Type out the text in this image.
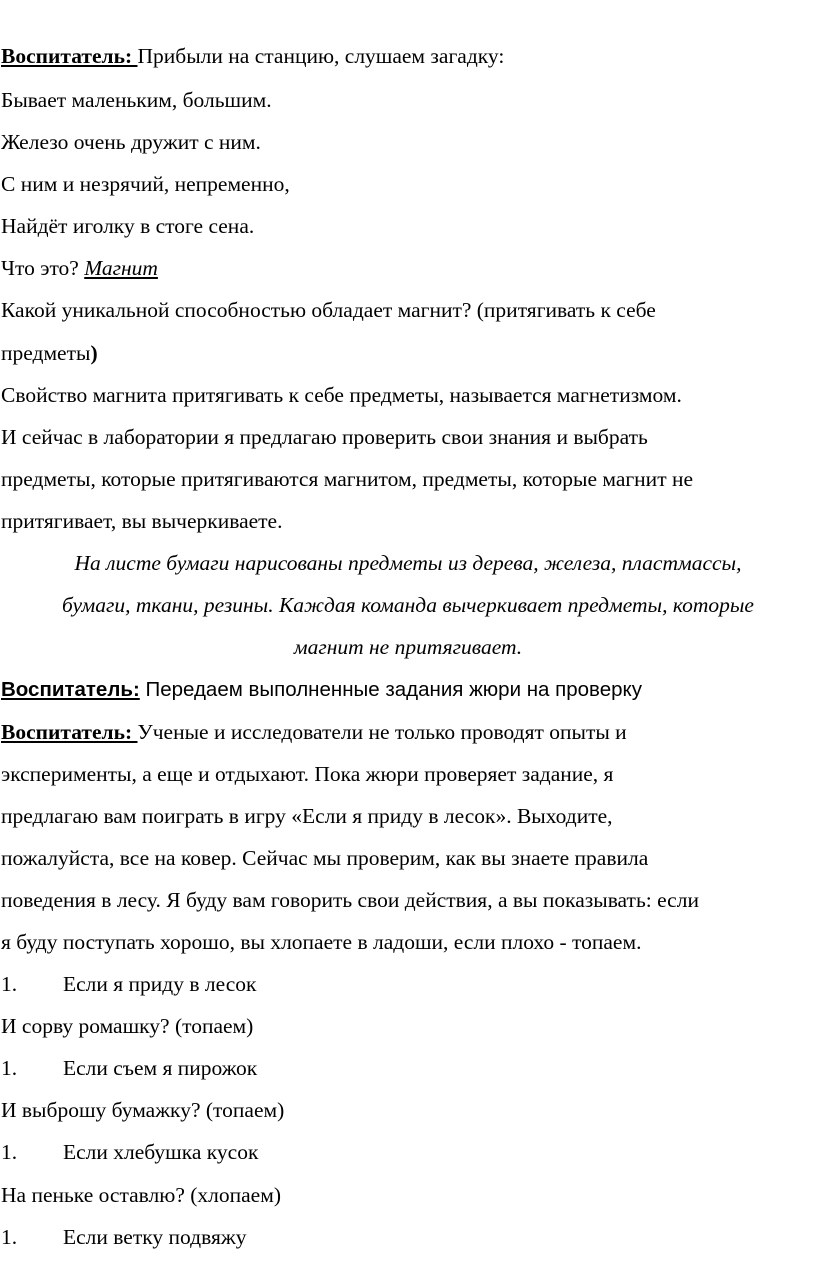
Воспитатель: Прибыли на станцию, слушаем загадку:
Бывает маленьким, большим.
Железо очень дружит с ним.
С ним и незрячий, непременно,
Найдёт иголку в стоге сена.
Что это? Магнит
Какой уникальной способностью обладает магнит? (притягивать к себе
предметы)
Свойство магнита притягивать к себе предметы, называется магнетизмом.
И сейчас в лаборатории я предлагаю проверить свои знания и выбрать
предметы, которые притягиваются магнитом, предметы, которые магнит не
притягивает, вы вычеркиваете.
На листе бумаги нарисованы предметы из дерева, железа, пластмассы,
бумаги, ткани, резины. Каждая команда вычеркивает предметы, которые
магнит не притягивает.
Воспитатель: Передаем выполненные задания жюри на проверку
Воспитатель: Ученые и исследователи не только проводят опыты и
эксперименты, а еще и отдыхают. Пока жюри проверяет задание, я
предлагаю вам поиграть в игру «Если я приду в лесок». Выходите,
пожалуйста, все на ковер. Сейчас мы проверим, как вы знаете правила
поведения в лесу. Я буду вам говорить свои действия, а вы показывать: если
я буду поступать хорошо, вы хлопаете в ладоши, если плохо - топаем.
1. Если я приду в лесок
И сорву ромашку? (топаем)
1. Если съем я пирожок
И выброшу бумажку? (топаем)
1. Если хлебушка кусок
На пеньке оставлю? (хлопаем)
1. Если ветку подвяжу
